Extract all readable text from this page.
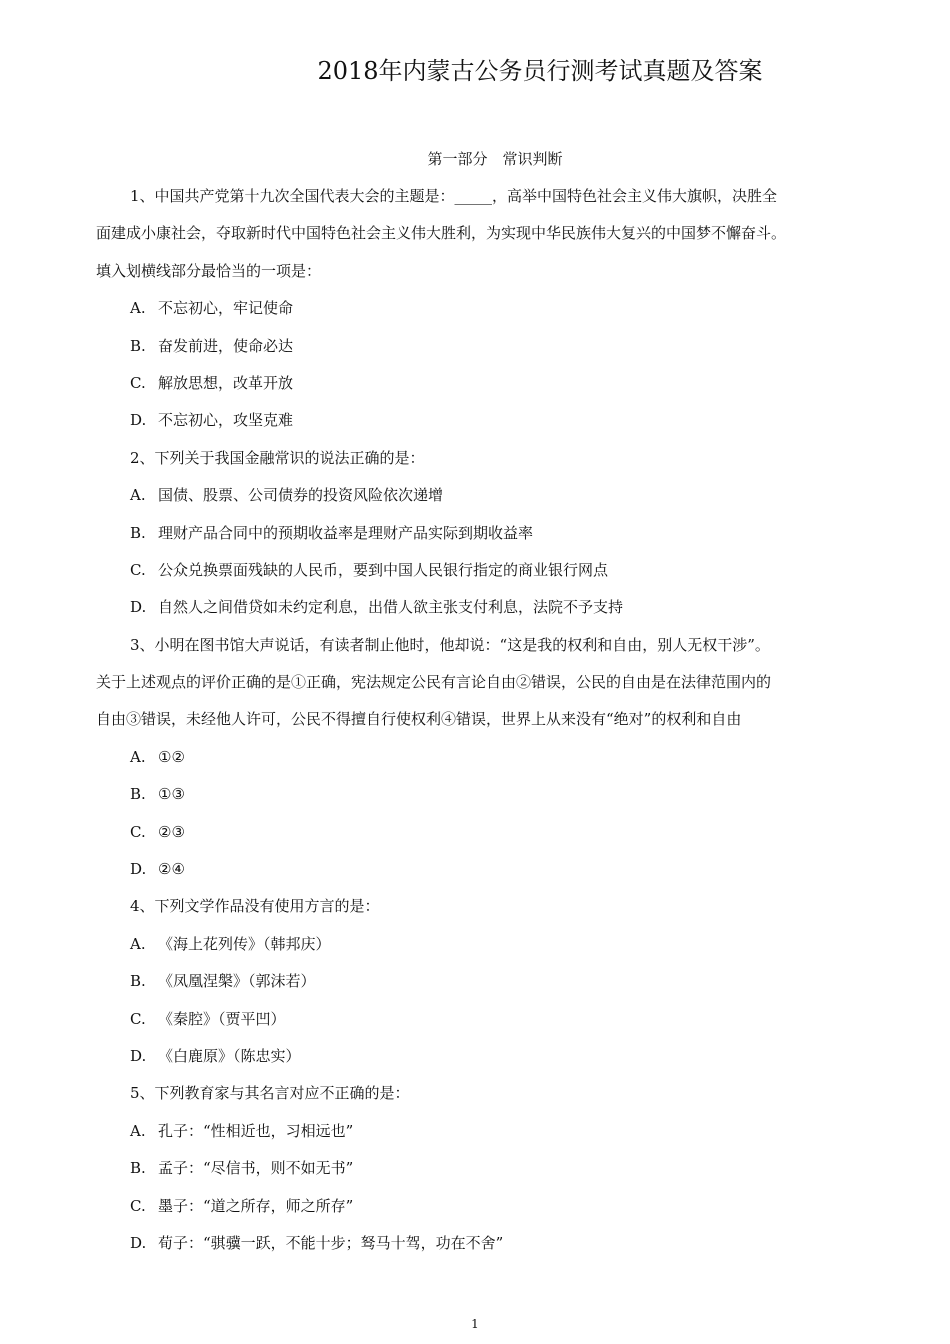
2018年内蒙古公务员行测考试真题及答案
第一部分　常识判断
1、中国共产党第十九次全国代表大会的主题是：_____，高举中国特色社会主义伟大旗帜，决胜全
面建成小康社会，夺取新时代中国特色社会主义伟大胜利，为实现中华民族伟大复兴的中国梦不懈奋斗。
填入划横线部分最恰当的一项是：
A. 不忘初心，牢记使命
B. 奋发前进，使命必达
C. 解放思想，改革开放
D. 不忘初心，攻坚克难
2、下列关于我国金融常识的说法正确的是：
A. 国债、股票、公司债券的投资风险依次递增
B. 理财产品合同中的预期收益率是理财产品实际到期收益率
C. 公众兑换票面残缺的人民币，要到中国人民银行指定的商业银行网点
D. 自然人之间借贷如未约定利息，出借人欲主张支付利息，法院不予支持
3、小明在图书馆大声说话，有读者制止他时，他却说：“这是我的权利和自由，别人无权干涉”。
关于上述观点的评价正确的是①正确，宪法规定公民有言论自由②错误，公民的自由是在法律范围内的
自由③错误，未经他人许可，公民不得擅自行使权利④错误，世界上从来没有“绝对”的权利和自由
A. ①②
B. ①③
C. ②③
D. ②④
4、下列文学作品没有使用方言的是：
A. 《海上花列传》（韩邦庆）
B. 《凤凰涅槃》（郭沫若）
C. 《秦腔》（贾平凹）
D. 《白鹿原》（陈忠实）
5、下列教育家与其名言对应不正确的是：
A. 孔子：“性相近也，习相远也”
B. 孟子：“尽信书，则不如无书”
C. 墨子：“道之所存，师之所存”
D. 荀子：“骐骥一跃，不能十步；驽马十驾，功在不舍”
1
